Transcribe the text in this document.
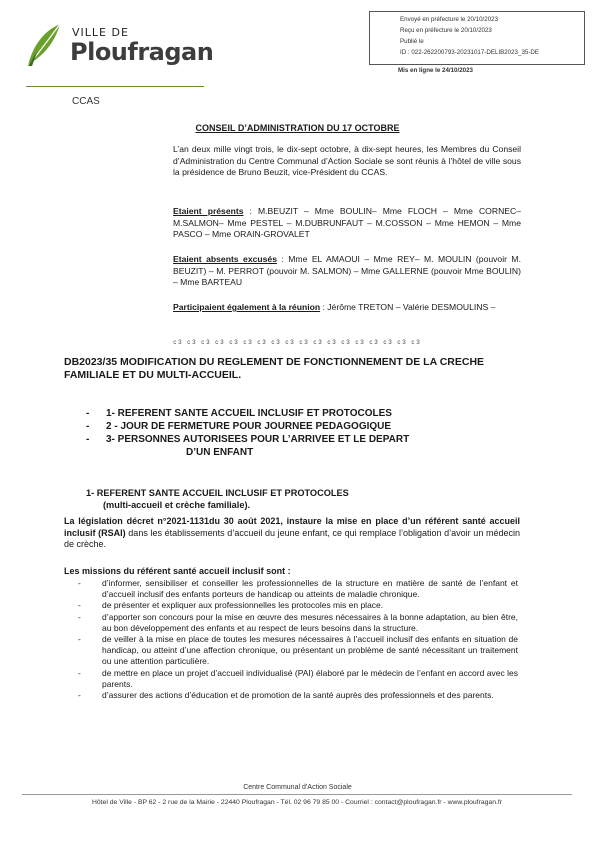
VILLE DE
Ploufragan
CCAS
Envoyé en préfecture le 20/10/2023
Reçu en préfecture le 20/10/2023
Publié le
ID : 022-262200793-20231017-DELIB2023_35-DE
Mis en ligne le 24/10/2023
CONSEIL D’ADMINISTRATION DU 17 OCTOBRE
L’an deux mille vingt trois, le dix-sept octobre, à dix-sept heures, les Membres du Conseil d’Administration du Centre Communal d’Action Sociale se sont réunis à l’hôtel de ville sous la présidence de Bruno Beuzit, vice-Président du CCAS.
Etaient présents : M.BEUZIT – Mme BOULIN– Mme FLOCH – Mme CORNEC– M.SALMON– Mme PESTEL – M.DUBRUNFAUT – M.COSSON – Mme HEMON – Mme PASCO – Mme ORAIN-GROVALET
Etaient absents excusés : Mme EL AMAOUI – Mme REY– M. MOULIN (pouvoir M. BEUZIT) – M. PERROT (pouvoir M. SALMON) – Mme GALLERNE (pouvoir Mme BOULIN) – Mme BARTEAU
Participaient également à la réunion : Jérôme TRETON – Valérie DESMOULINS –
ᴄ3 ᴄ3 ᴄ3 ᴄ3 ᴄ3 ᴄ3 ᴄ3 ᴄ3 ᴄ3 ᴄ3 ᴄ3 ᴄ3 ᴄ3 ᴄ3 ᴄ3 ᴄ3 ᴄ3 ᴄ3
DB2023/35 MODIFICATION DU REGLEMENT DE FONCTIONNEMENT DE LA CRECHE FAMILIALE ET DU MULTI-ACCUEIL.
-	1- REFERENT SANTE ACCUEIL INCLUSIF ET PROTOCOLES
-	2 - JOUR DE FERMETURE POUR JOURNEE PEDAGOGIQUE
-	3- PERSONNES AUTORISEES POUR L’ARRIVEE ET LE DEPART
D’UN ENFANT
1- REFERENT SANTE ACCUEIL INCLUSIF ET PROTOCOLES
(multi-accueil et crèche familiale).
La législation décret n°2021-1131du 30 août 2021, instaure la mise en place d’un référent santé accueil inclusif (RSAI) dans les établissements d’accueil du jeune enfant, ce qui remplace l’obligation d’avoir un médecin de crèche.
Les missions du référent santé accueil inclusif sont :
-	d’informer, sensibiliser et conseiller les professionnelles de la structure en matière de santé de l’enfant et d’accueil inclusif des enfants porteurs de handicap ou atteints de maladie chronique.
-	de présenter et expliquer aux professionnelles les protocoles mis en place.
-	d’apporter son concours pour la mise en œuvre des mesures nécessaires à la bonne adaptation, au bien être, au bon développement des enfants et au respect de leurs besoins dans la structure.
-	de veiller à la mise en place de toutes les mesures nécessaires à l’accueil inclusif des enfants en situation de handicap, ou atteint d’une affection chronique, ou présentant un problème de santé nécessitant un traitement ou une attention particulière.
-	de mettre en place un projet d’accueil individualisé (PAI) élaboré par le médecin de l’enfant en accord avec les parents.
-	d’assurer des actions d’éducation et de promotion de la santé auprès des professionnels et des parents.
Centre Communal d’Action Sociale
Hôtel de Ville - BP 62 - 2 rue de la Mairie - 22440 Ploufragan - Tél. 02 96 79 85 00 - Courriel : contact@ploufragan.fr - www.ploufragan.fr
